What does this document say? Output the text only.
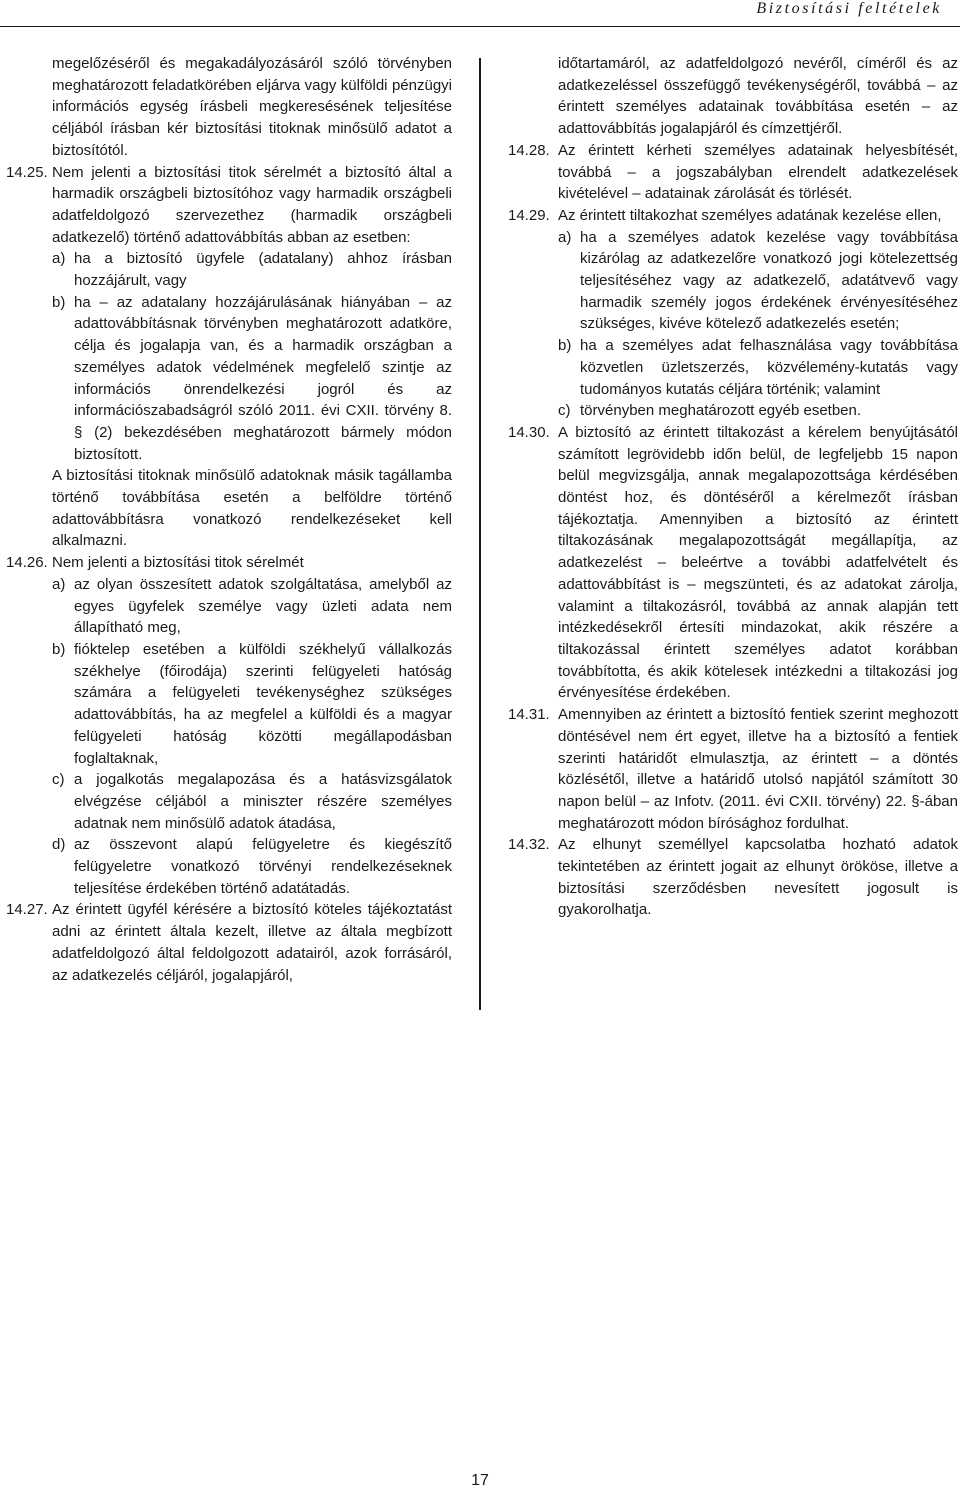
Biztosítási feltételek

megelőzéséről és megakadályozásáról szóló törvényben meghatározott feladatkörében eljárva vagy külföldi pénzügyi információs egység írásbeli megkeresésének teljesítése céljából írásban kér biztosítási titoknak minősülő adatot a biztosítótól.

14.25. Nem jelenti a biztosítási titok sérelmét a biztosító által a harmadik országbeli biztosítóhoz vagy harmadik országbeli adatfeldolgozó szervezethez (harmadik országbeli adatkezelő) történő adattovábbítás abban az esetben:

a) ha a biztosító ügyfele (adatalany) ahhoz írásban hozzájárult, vagy

b) ha – az adatalany hozzájárulásának hiányában – az adattovábbításnak törvényben meghatározott adatköre, célja és jogalapja van, és a harmadik országban a személyes adatok védelmének megfelelő szintje az információs önrendelkezési jogról és az információszabadságról szóló 2011. évi CXII. törvény 8. § (2) bekezdésében meghatározott bármely módon biztosított.

A biztosítási titoknak minősülő adatoknak másik tagállamba történő továbbítása esetén a belföldre történő adattovábbításra vonatkozó rendelkezéseket kell alkalmazni.

14.26. Nem jelenti a biztosítási titok sérelmét

a) az olyan összesített adatok szolgáltatása, amelyből az egyes ügyfelek személye vagy üzleti adata nem állapítható meg,

b) fióktelep esetében a külföldi székhelyű vállalkozás székhelye (főirodája) szerinti felügyeleti hatóság számára a felügyeleti tevékenységhez szükséges adattovábbítás, ha az megfelel a külföldi és a magyar felügyeleti hatóság közötti megállapodásban foglaltaknak,

c) a jogalkotás megalapozása és a hatásvizsgálatok elvégzése céljából a miniszter részére személyes adatnak nem minősülő adatok átadása,

d) az összevont alapú felügyeletre és kiegészítő felügyeletre vonatkozó törvényi rendelkezéseknek teljesítése érdekében történő adatátadás.

14.27. Az érintett ügyfél kérésére a biztosító köteles tájékoztatást adni az érintett általa kezelt, illetve az általa megbízott adatfeldolgozó által feldolgozott adatairól, azok forrásáról, az adatkezelés céljáról, jogalapjáról,

időtartamáról, az adatfeldolgozó nevéről, címéről és az adatkezeléssel összefüggő tevékenységéről, továbbá – az érintett személyes adatainak továbbítása esetén – az adattovábbítás jogalapjáról és címzettjéről.

14.28. Az érintett kérheti személyes adatainak helyesbítését, továbbá – a jogszabályban elrendelt adatkezelések kivételével – adatainak zárolását és törlését.

14.29. Az érintett tiltakozhat személyes adatának kezelése ellen,

a) ha a személyes adatok kezelése vagy továbbítása kizárólag az adatkezelőre vonatkozó jogi kötelezettség teljesítéséhez vagy az adatkezelő, adatátvevő vagy harmadik személy jogos érdekének érvényesítéséhez szükséges, kivéve kötelező adatkezelés esetén;

b) ha a személyes adat felhasználása vagy továbbítása közvetlen üzletszerzés, közvélemény-kutatás vagy tudományos kutatás céljára történik; valamint

c) törvényben meghatározott egyéb esetben.

14.30. A biztosító az érintett tiltakozást a kérelem benyújtásától számított legrövidebb időn belül, de legfeljebb 15 napon belül megvizsgálja, annak megalapozottsága kérdésében döntést hoz, és döntéséről a kérelmezőt írásban tájékoztatja. Amennyiben a biztosító az érintett tiltakozásának megalapozottságát megállapítja, az adatkezelést – beleértve a további adatfelvételt és adattovábbítást is – megszünteti, és az adatokat zárolja, valamint a tiltakozásról, továbbá az annak alapján tett intézkedésekről értesíti mindazokat, akik részére a tiltakozással érintett személyes adatot korábban továbbította, és akik kötelesek intézkedni a tiltakozási jog érvényesítése érdekében.

14.31. Amennyiben az érintett a biztosító fentiek szerint meghozott döntésével nem ért egyet, illetve ha a biztosító a fentiek szerinti határidőt elmulasztja, az érintett – a döntés közlésétől, illetve a határidő utolsó napjától számított 30 napon belül – az Infotv. (2011. évi CXII. törvény) 22. §-ában meghatározott módon bírósághoz fordulhat.

14.32. Az elhunyt személlyel kapcsolatba hozható adatok tekintetében az érintett jogait az elhunyt örököse, illetve a biztosítási szerződésben nevesített jogosult is gyakorolhatja.

17
